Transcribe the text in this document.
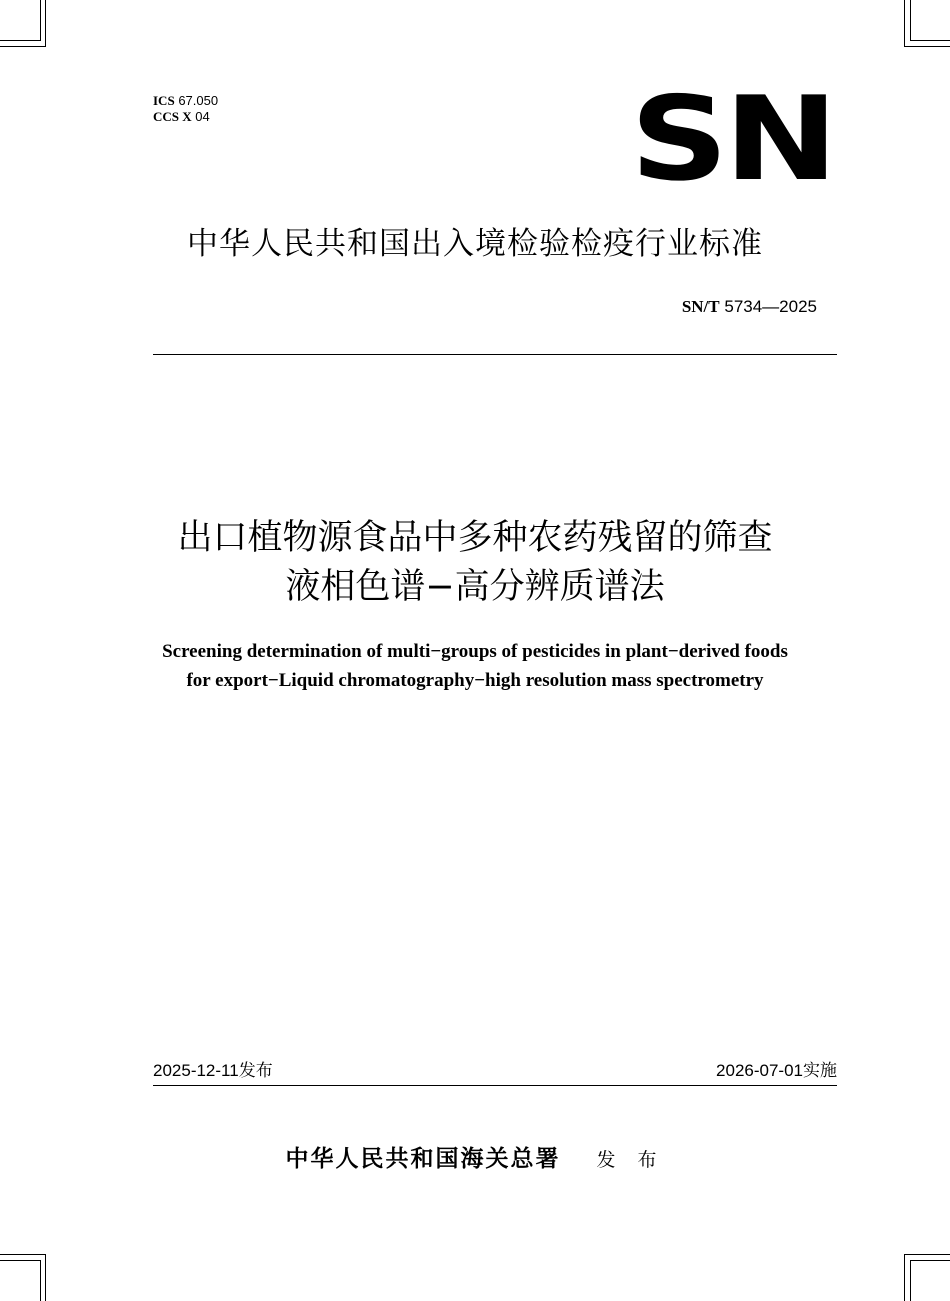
ICS 67.050
CCS X 04	SN
中华人民共和国出入境检验检疫行业标准
SN/T 5734—2025
出口植物源食品中多种农药残留的筛查
液相色谱−高分辨质谱法
Screening determination of multi−groups of pesticides in plant−derived foods
for export−Liquid chromatography−high resolution mass spectrometry
2025-12-11发布	2026-07-01实施
中华人民共和国海关总署 发 布
